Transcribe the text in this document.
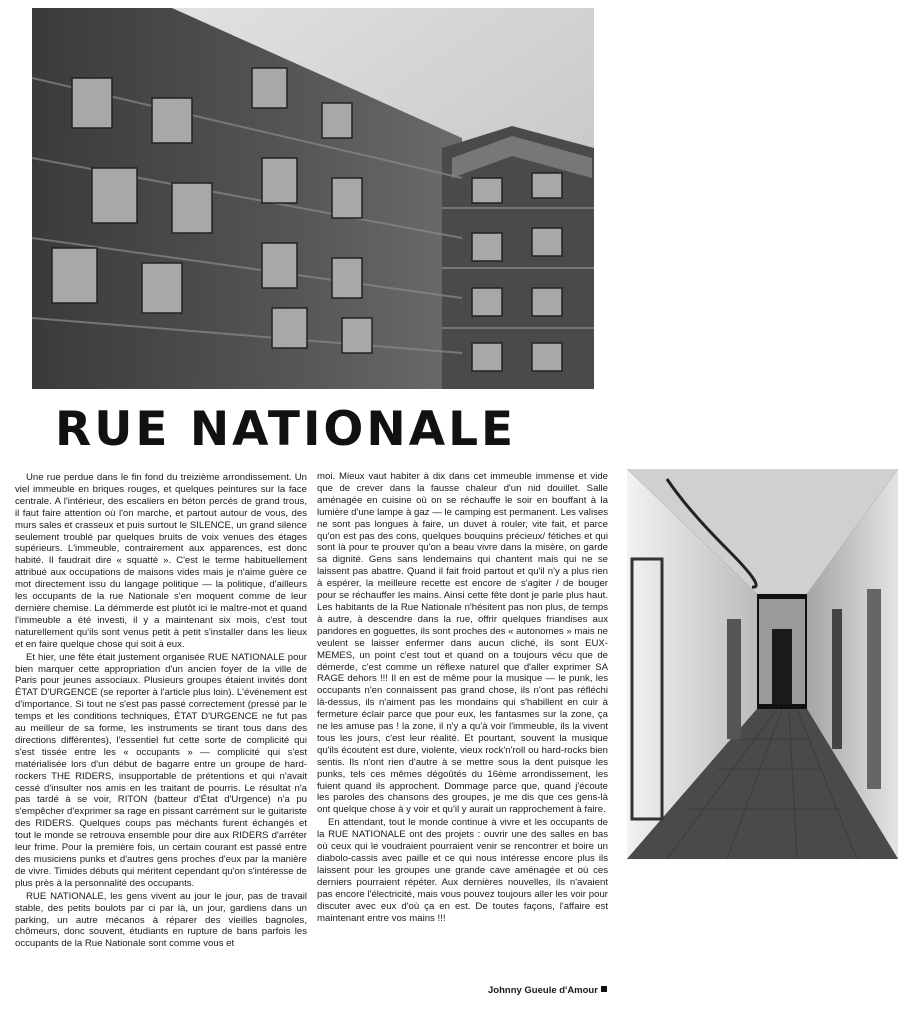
RUE NATIONALE

Une rue perdue dans le fin fond du treizième arrondissement. Un viel immeuble en briques rouges, et quelques peintures sur la face centrale. A l'intérieur, des escaliers en béton percés de grand trous, il faut faire attention où l'on marche, et partout autour de vous, des murs sales et crasseux et puis surtout le SILENCE, un grand silence seulement troublé par quelques bruits de voix venues des étages supérieurs. L'immeuble, contrairement aux apparences, est donc habité. Il faudrait dire « squatté ». C'est le terme habituellement attribué aux occupations de maisons vides mais je n'aime guère ce mot directement issu du langage politique — la politique, d'ailleurs les occupants de la rue Nationale s'en moquent comme de leur dernière chemise. La démmerde est plutôt ici le maître-mot et quand l'immeuble a été investi, il y a maintenant six mois, c'est tout naturellement qu'ils sont venus petit à petit s'installer dans les lieux et en faire quelque chose qui soit à eux.

Et hier, une fête était justement organisée RUE NATIONALE pour bien marquer cette appropriation d'un ancien foyer de la ville de Paris pour jeunes associaux. Plusieurs groupes étaient invités dont ÉTAT D'URGENCE (se reporter à l'article plus loin). L'événement est d'importance. Si tout ne s'est pas passé correctement (pressé par le temps et les conditions techniques, ÉTAT D'URGENCE ne fut pas au meilleur de sa forme, les instruments se tirant tous dans des directions différentes), l'essentiel fut cette sorte de complicité qui s'est tissée entre les « occupants » — complicité qui s'est matérialisée lors d'un début de bagarre entre un groupe de hard-rockers THE RIDERS, insupportable de prétentions et qui n'avait cessé d'insulter nos amis en les traitant de pourris. Le résultat n'a pas tardé à se voir, RITON (batteur d'État d'Urgence) n'a pu s'empêcher d'exprimer sa rage en pissant carrément sur le guitariste des RIDERS. Quelques coups pas méchants furent échangés et tout le monde se retrouva ensemble pour dire aux RIDERS d'arrêter leur frime. Pour la première fois, un certain courant est passé entre des musiciens punks et d'autres gens proches d'eux par la manière de vivre. Timides débuts qui méritent cependant qu'on s'intéresse de plus près à la personnalité des occupants.

RUE NATIONALE, les gens vivent au jour le jour, pas de travail stable, des petits boulots par ci par là, un jour, gardiens dans un parking, un autre mécanos à réparer des vieilles bagnoles, chômeurs, donc souvent, étudiants en rupture de bans parfois les occupants de la Rue Nationale sont comme vous et

moi. Mieux vaut habiter à dix dans cet immeuble immense et vide que de crever dans la fausse chaleur d'un nid douillet. Salle aménagée en cuisine où on se réchauffe le soir en bouffant à la lumière d'une lampe à gaz — le camping est permanent. Les valises ne sont pas longues à faire, un duvet à rouler, vite fait, et parce qu'on est pas des cons, quelques bouquins précieux/ fétiches et qui sont là pour te prouver qu'on a beau vivre dans la misère, on garde sa dignité. Gens sans lendemains qui chantent mais qui ne se laissent pas abattre. Quand il fait froid partout et qu'il n'y a plus rien à espérer, la meilleure recette est encore de s'agiter / de bouger pour se réchauffer les mains. Ainsi cette fête dont je parle plus haut. Les habitants de la Rue Nationale n'hésitent pas non plus, de temps à autre, à descendre dans la rue, offrir quelques friandises aux pandores en goguettes, ils sont proches des « autonomes » mais ne veulent se laisser enfermer dans aucun cliché, ils sont EUX-MEMES, un point c'est tout et quand on a toujours vécu que de démerde, c'est comme un réflexe naturel que d'aller exprimer SA RAGE dehors !!! Il en est de même pour la musique — le punk, les occupants n'en connaissent pas grand chose, ils n'ont pas réfléchi là-dessus, ils n'aiment pas les mondains qui s'habillent en cuir à fermeture éclair parce que pour eux, les fantasmes sur la zone, ça ne les amuse pas ! la zone, il n'y a qu'à voir l'immeuble, ils la vivent tous les jours, c'est leur réalité. Et pourtant, souvent la musique qu'ils écoutent est dure, violente, vieux rock'n'roll ou hard-rocks bien sentis. Ils n'ont rien d'autre à se mettre sous la dent puisque les punks, tels ces mêmes dégoûtés du 16ème arrondissement, les fuient quand ils approchent. Dommage parce que, quand j'écoute les paroles des chansons des groupes, je me dis que ces gens-là ont quelque chose à y voir et qu'il y aurait un rapprochement à faire.

En attendant, tout le monde continue à vivre et les occupants de la RUE NATIONALE ont des projets : ouvrir une des salles en bas où ceux qui le voudraient pourraient venir se rencontrer et boire un diabolo-cassis avec paille et ce qui nous intéresse encore plus ils laissent pour les groupes une grande cave aménagée et où ces derniers pourraient répéter. Aux dernières nouvelles, ils n'avaient pas encore l'électricité, mais vous pouvez toujours aller les voir pour discuter avec eux d'où ça en est. De toutes façons, l'affaire est maintenant entre vos mains !!!

Johnny Gueule d'Amour
